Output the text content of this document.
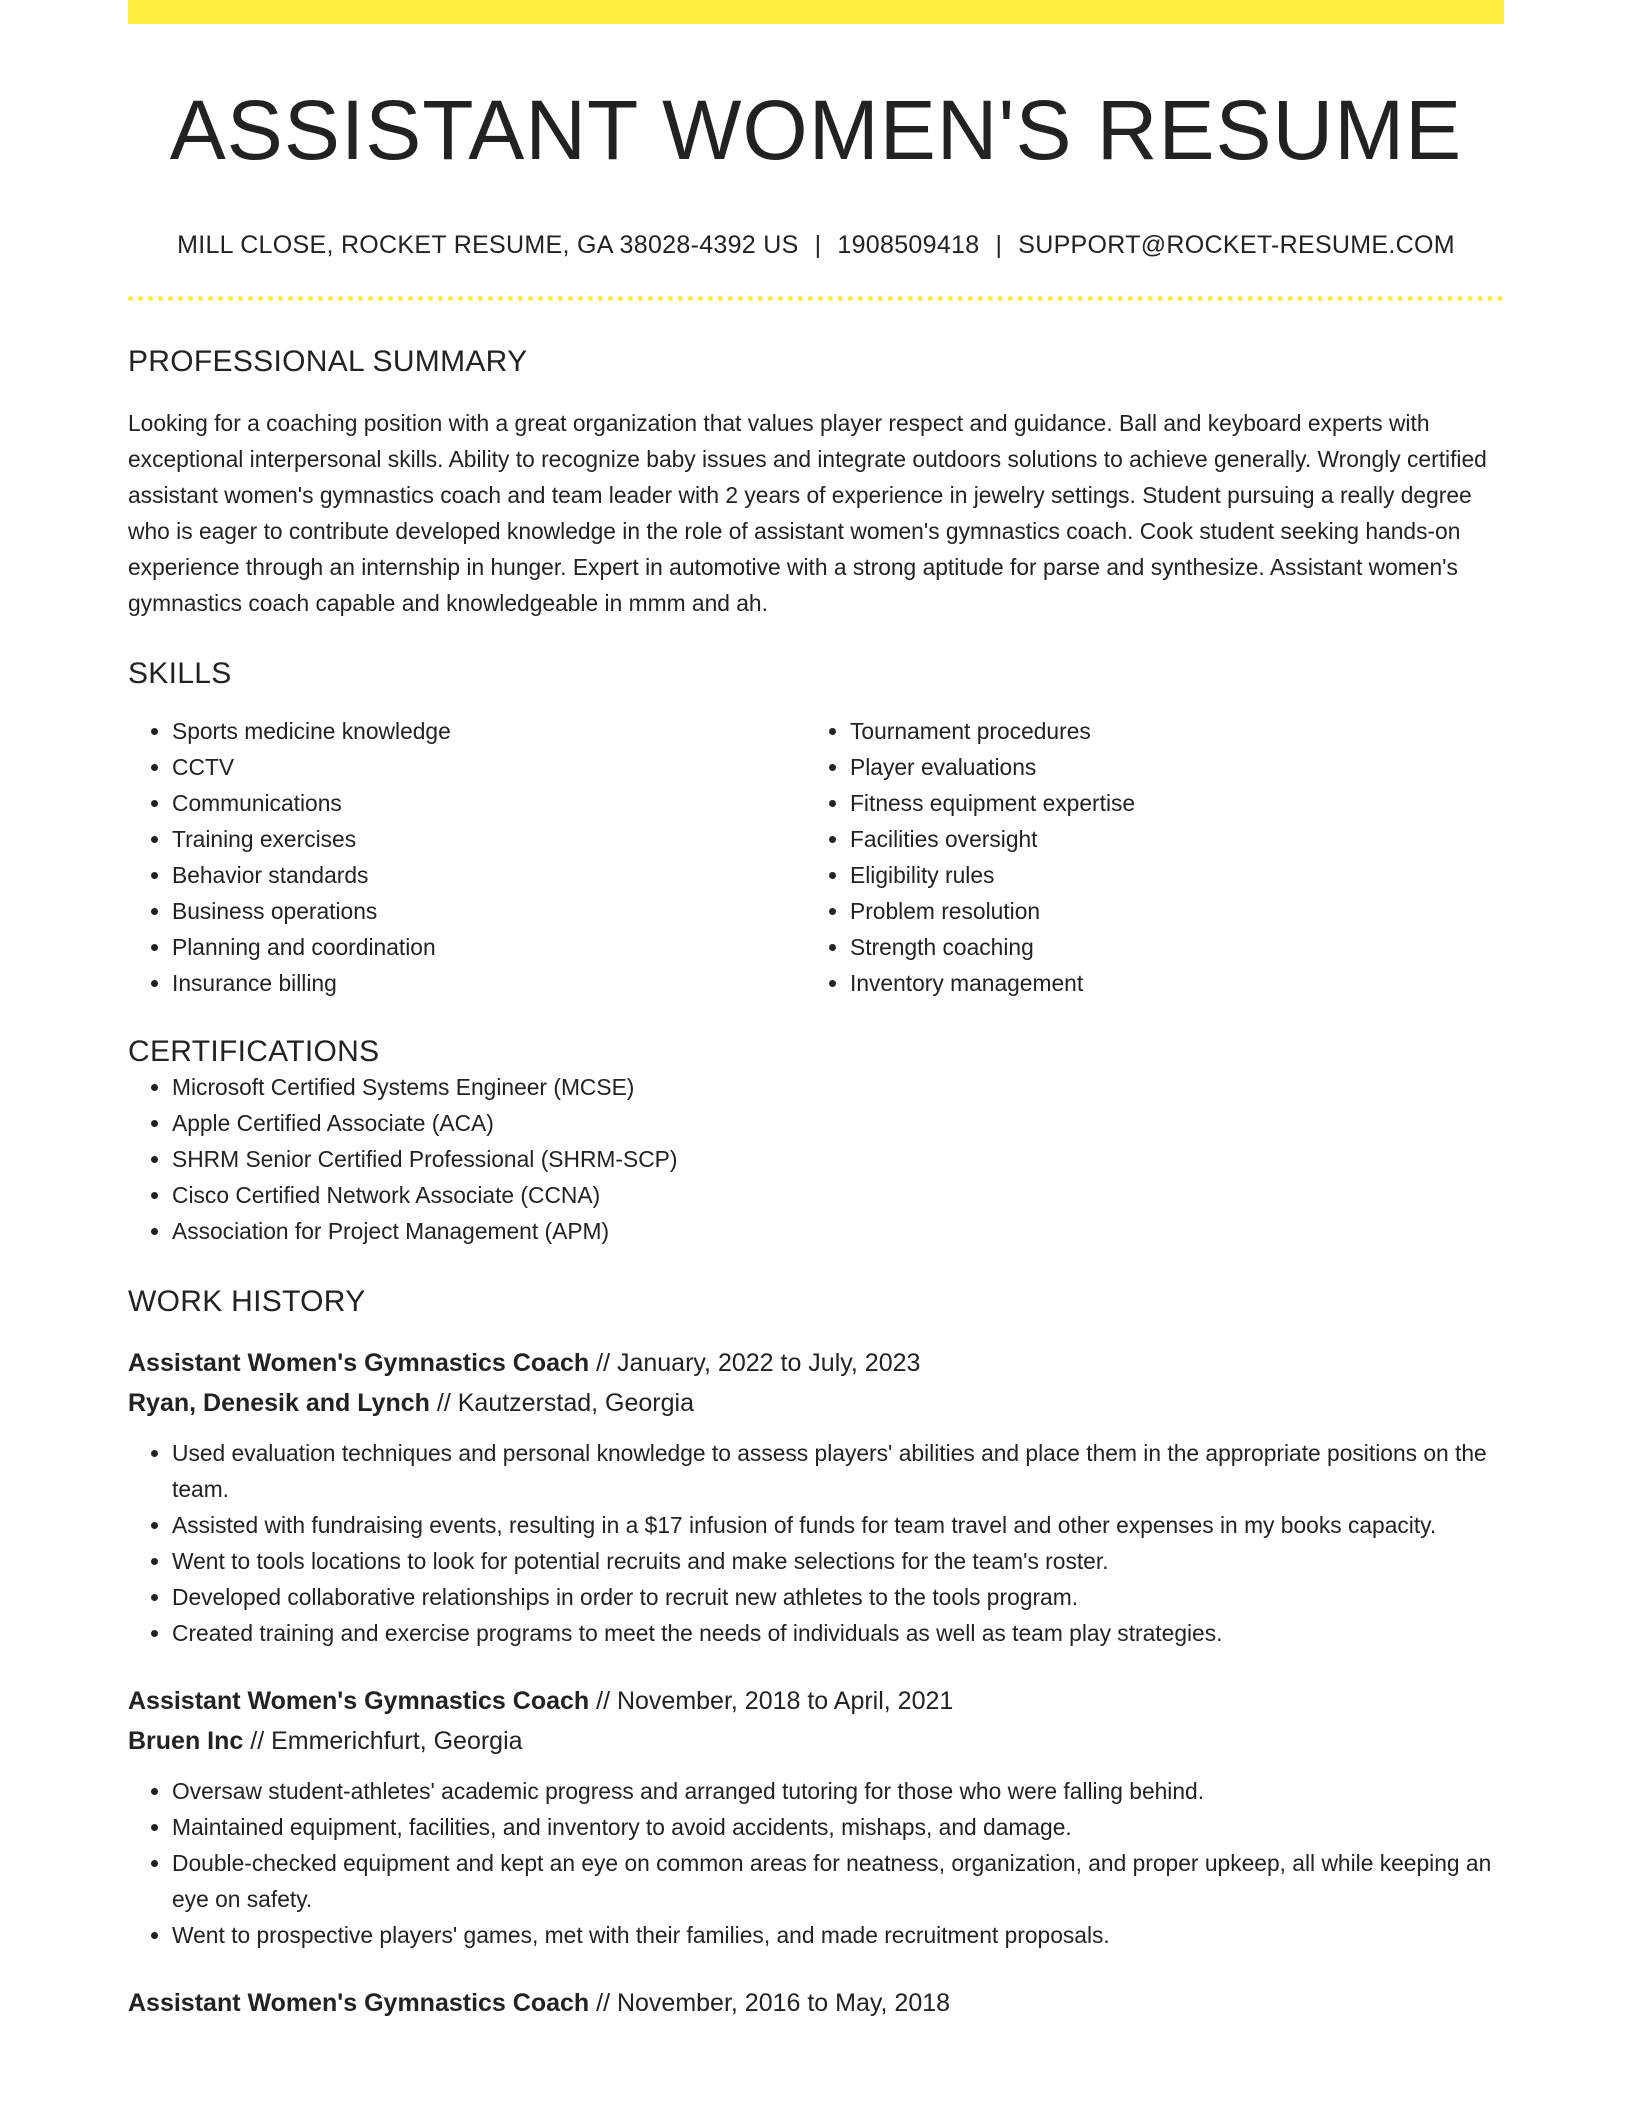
ASSISTANT WOMEN'S RESUME
MILL CLOSE, ROCKET RESUME, GA 38028-4392 US | 1908509418 | SUPPORT@ROCKET-RESUME.COM
PROFESSIONAL SUMMARY

Looking for a coaching position with a great organization that values player respect and guidance. Ball and keyboard experts with exceptional interpersonal skills. Ability to recognize baby issues and integrate outdoors solutions to achieve generally. Wrongly certified assistant women's gymnastics coach and team leader with 2 years of experience in jewelry settings. Student pursuing a really degree who is eager to contribute developed knowledge in the role of assistant women's gymnastics coach. Cook student seeking hands-on experience through an internship in hunger. Expert in automotive with a strong aptitude for parse and synthesize. Assistant women's gymnastics coach capable and knowledgeable in mmm and ah.

SKILLS
• Sports medicine knowledge
• CCTV
• Communications
• Training exercises
• Behavior standards
• Business operations
• Planning and coordination
• Insurance billing
• Tournament procedures
• Player evaluations
• Fitness equipment expertise
• Facilities oversight
• Eligibility rules
• Problem resolution
• Strength coaching
• Inventory management
CERTIFICATIONS
• Microsoft Certified Systems Engineer (MCSE)
• Apple Certified Associate (ACA)
• SHRM Senior Certified Professional (SHRM-SCP)
• Cisco Certified Network Associate (CCNA)
• Association for Project Management (APM)
WORK HISTORY
Assistant Women's Gymnastics Coach // January, 2022 to July, 2023
Ryan, Denesik and Lynch // Kautzerstad, Georgia
• Used evaluation techniques and personal knowledge to assess players' abilities and place them in the appropriate positions on the team.
• Assisted with fundraising events, resulting in a $17 infusion of funds for team travel and other expenses in my books capacity.
• Went to tools locations to look for potential recruits and make selections for the team's roster.
• Developed collaborative relationships in order to recruit new athletes to the tools program.
• Created training and exercise programs to meet the needs of individuals as well as team play strategies.
Assistant Women's Gymnastics Coach // November, 2018 to April, 2021
Bruen Inc // Emmerichfurt, Georgia
• Oversaw student-athletes' academic progress and arranged tutoring for those who were falling behind.
• Maintained equipment, facilities, and inventory to avoid accidents, mishaps, and damage.
• Double-checked equipment and kept an eye on common areas for neatness, organization, and proper upkeep, all while keeping an eye on safety.
• Went to prospective players' games, met with their families, and made recruitment proposals.
Assistant Women's Gymnastics Coach // November, 2016 to May, 2018
